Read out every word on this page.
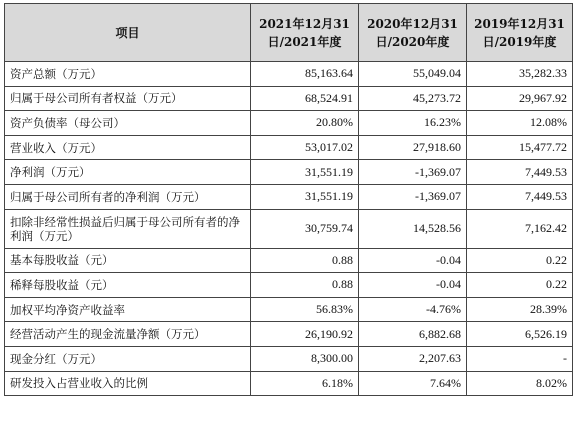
项目	2021年12月31日/2021年度	2020年12月31日/2020年度	2019年12月31日/2019年度
资产总额（万元）	85,163.64	55,049.04	35,282.33
归属于母公司所有者权益（万元）	68,524.91	45,273.72	29,967.92
资产负债率（母公司）	20.80%	16.23%	12.08%
营业收入（万元）	53,017.02	27,918.60	15,477.72
净利润（万元）	31,551.19	-1,369.07	7,449.53
归属于母公司所有者的净利润（万元）	31,551.19	-1,369.07	7,449.53
扣除非经常性损益后归属于母公司所有者的净利润（万元）	30,759.74	14,528.56	7,162.42
基本每股收益（元）	0.88	-0.04	0.22
稀释每股收益（元）	0.88	-0.04	0.22
加权平均净资产收益率	56.83%	-4.76%	28.39%
经营活动产生的现金流量净额（万元）	26,190.92	6,882.68	6,526.19
现金分红（万元）	8,300.00	2,207.63	-
研发投入占营业收入的比例	6.18%	7.64%	8.02%
